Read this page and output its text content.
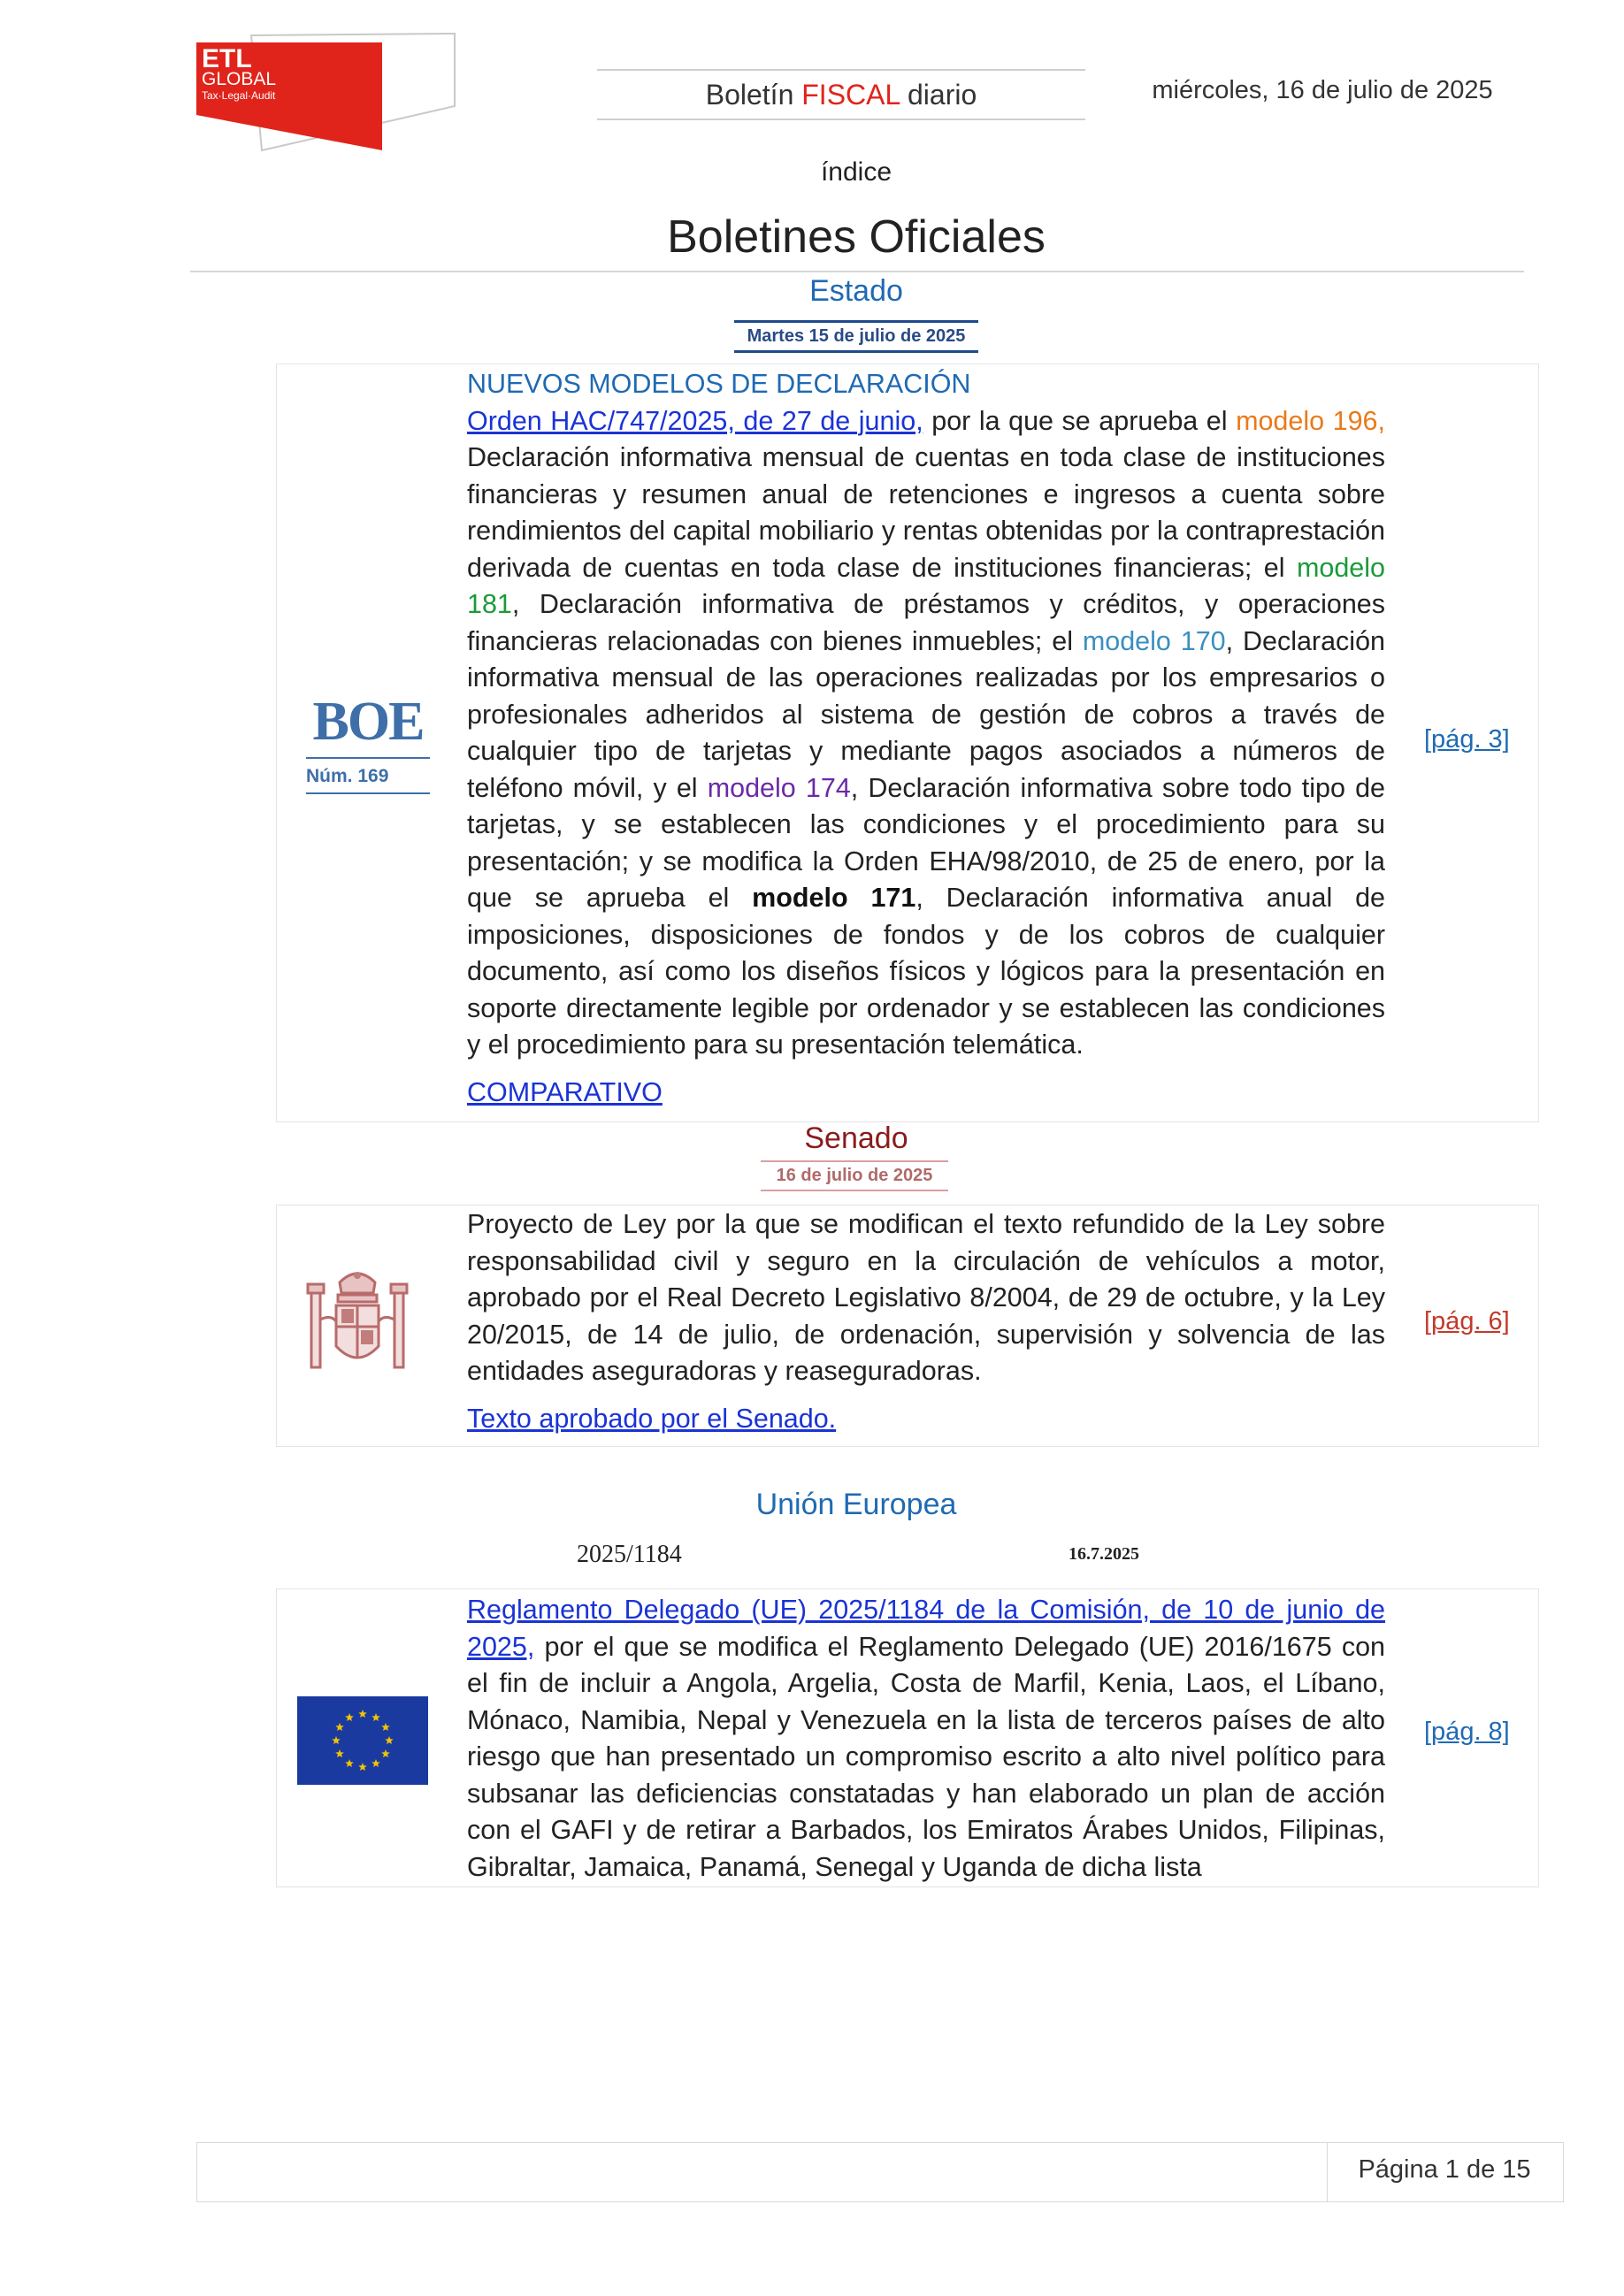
ETL
GLOBAL
Tax·Legal·Audit	Boletín FISCAL diario	miércoles, 16 de julio de 2025
índice
Boletines Oficiales
Estado
Martes 15 de julio de 2025
BOE
Núm. 169
NUEVOS MODELOS DE DECLARACIÓN
Orden HAC/747/2025, de 27 de junio, por la que se aprueba el modelo 196, Declaración informativa mensual de cuentas en toda clase de instituciones financieras y resumen anual de retenciones e ingresos a cuenta sobre rendimientos del capital mobiliario y rentas obtenidas por la contraprestación derivada de cuentas en toda clase de instituciones financieras; el modelo 181, Declaración informativa de préstamos y créditos, y operaciones financieras relacionadas con bienes inmuebles; el modelo 170, Declaración informativa mensual de las operaciones realizadas por los empresarios o profesionales adheridos al sistema de gestión de cobros a través de cualquier tipo de tarjetas y mediante pagos asociados a números de teléfono móvil, y el modelo 174, Declaración informativa sobre todo tipo de tarjetas, y se establecen las condiciones y el procedimiento para su presentación; y se modifica la Orden EHA/98/2010, de 25 de enero, por la que se aprueba el modelo 171, Declaración informativa anual de imposiciones, disposiciones de fondos y de los cobros de cualquier documento, así como los diseños físicos y lógicos para la presentación en soporte directamente legible por ordenador y se establecen las condiciones y el procedimiento para su presentación telemática.
COMPARATIVO
[pág. 3]
Senado
16 de julio de 2025
Proyecto de Ley por la que se modifican el texto refundido de la Ley sobre responsabilidad civil y seguro en la circulación de vehículos a motor, aprobado por el Real Decreto Legislativo 8/2004, de 29 de octubre, y la Ley 20/2015, de 14 de julio, de ordenación, supervisión y solvencia de las entidades aseguradoras y reaseguradoras.
Texto aprobado por el Senado.
[pág. 6]
Unión Europea
2025/1184	16.7.2025
Reglamento Delegado (UE) 2025/1184 de la Comisión, de 10 de junio de 2025, por el que se modifica el Reglamento Delegado (UE) 2016/1675 con el fin de incluir a Angola, Argelia, Costa de Marfil, Kenia, Laos, el Líbano, Mónaco, Namibia, Nepal y Venezuela en la lista de terceros países de alto riesgo que han presentado un compromiso escrito a alto nivel político para subsanar las deficiencias constatadas y han elaborado un plan de acción con el GAFI y de retirar a Barbados, los Emiratos Árabes Unidos, Filipinas, Gibraltar, Jamaica, Panamá, Senegal y Uganda de dicha lista
[pág. 8]
Página 1 de 15
